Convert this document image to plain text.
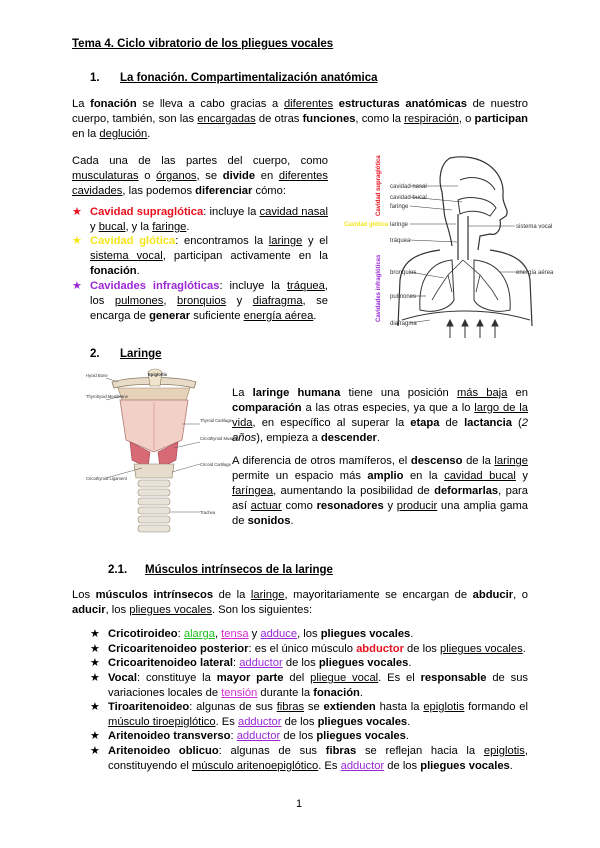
Tema 4. Ciclo vibratorio de los pliegues vocales
1. La fonación. Compartimentalización anatómica

La fonación se lleva a cabo gracias a diferentes estructuras anatómicas de nuestro cuerpo, también, son las encargadas de otras funciones, como la respiración, o participan en la deglución.

Cada una de las partes del cuerpo, como musculaturas o órganos, se divide en diferentes cavidades, las podemos diferenciar cómo:

★ Cavidad supraglótica: incluye la cavidad nasal y bucal, y la faringe.
★ Cavidad glótica: encontramos la laringe y el sistema vocal, participan activamente en la fonación.
★ Cavidades infraglóticas: incluye la tráquea, los pulmones, bronquios y diafragma, se encarga de generar suficiente energía aérea.
cavidad nasal
cavidad bucal
faringe
laringe
tráquea
bronquios
pulmones
diafragma
sistema vocal
energía aérea
Cavidad supraglótica
Cavidad glótica
Cavidades infraglóticas
2. Laringe
Hyoid Bone	Epiglottis
Thyrohyoid Membrane
Thyroid Cartilage
Cricothyroid Muscles
Cricothyroid Ligament
Cricoid Cartilage
Trachea

La laringe humana tiene una posición más baja en comparación a las otras especies, ya que a lo largo de la vida, en específico al superar la etapa de lactancia (2 años), empieza a descender.

A diferencia de otros mamíferos, el descenso de la laringe permite un espacio más amplio en la cavidad bucal y faríngea, aumentando la posibilidad de deformarlas, para así actuar como resonadores y producir una amplia gama de sonidos.

2.1. Músculos intrínsecos de la laringe

Los músculos intrínsecos de la laringe, mayoritariamente se encargan de abducir, o aducir, los pliegues vocales. Son los siguientes:

★ Cricotiroideo: alarga, tensa y adduce, los pliegues vocales.
★ Cricoaritenoideo posterior: es el único músculo abductor de los pliegues vocales.
★ Cricoaritenoideo lateral: adductor de los pliegues vocales.
★ Vocal: constituye la mayor parte del pliegue vocal. Es el responsable de sus variaciones locales de tensión durante la fonación.
★ Tiroaritenoideo: algunas de sus fibras se extienden hasta la epiglotis formando el músculo tiroepiglótico. Es adductor de los pliegues vocales.
★ Aritenoideo transverso: adductor de los pliegues vocales.
★ Aritenoideo oblicuo: algunas de sus fibras se reflejan hacia la epiglotis, constituyendo el músculo aritenoepiglótico. Es adductor de los pliegues vocales.
1
